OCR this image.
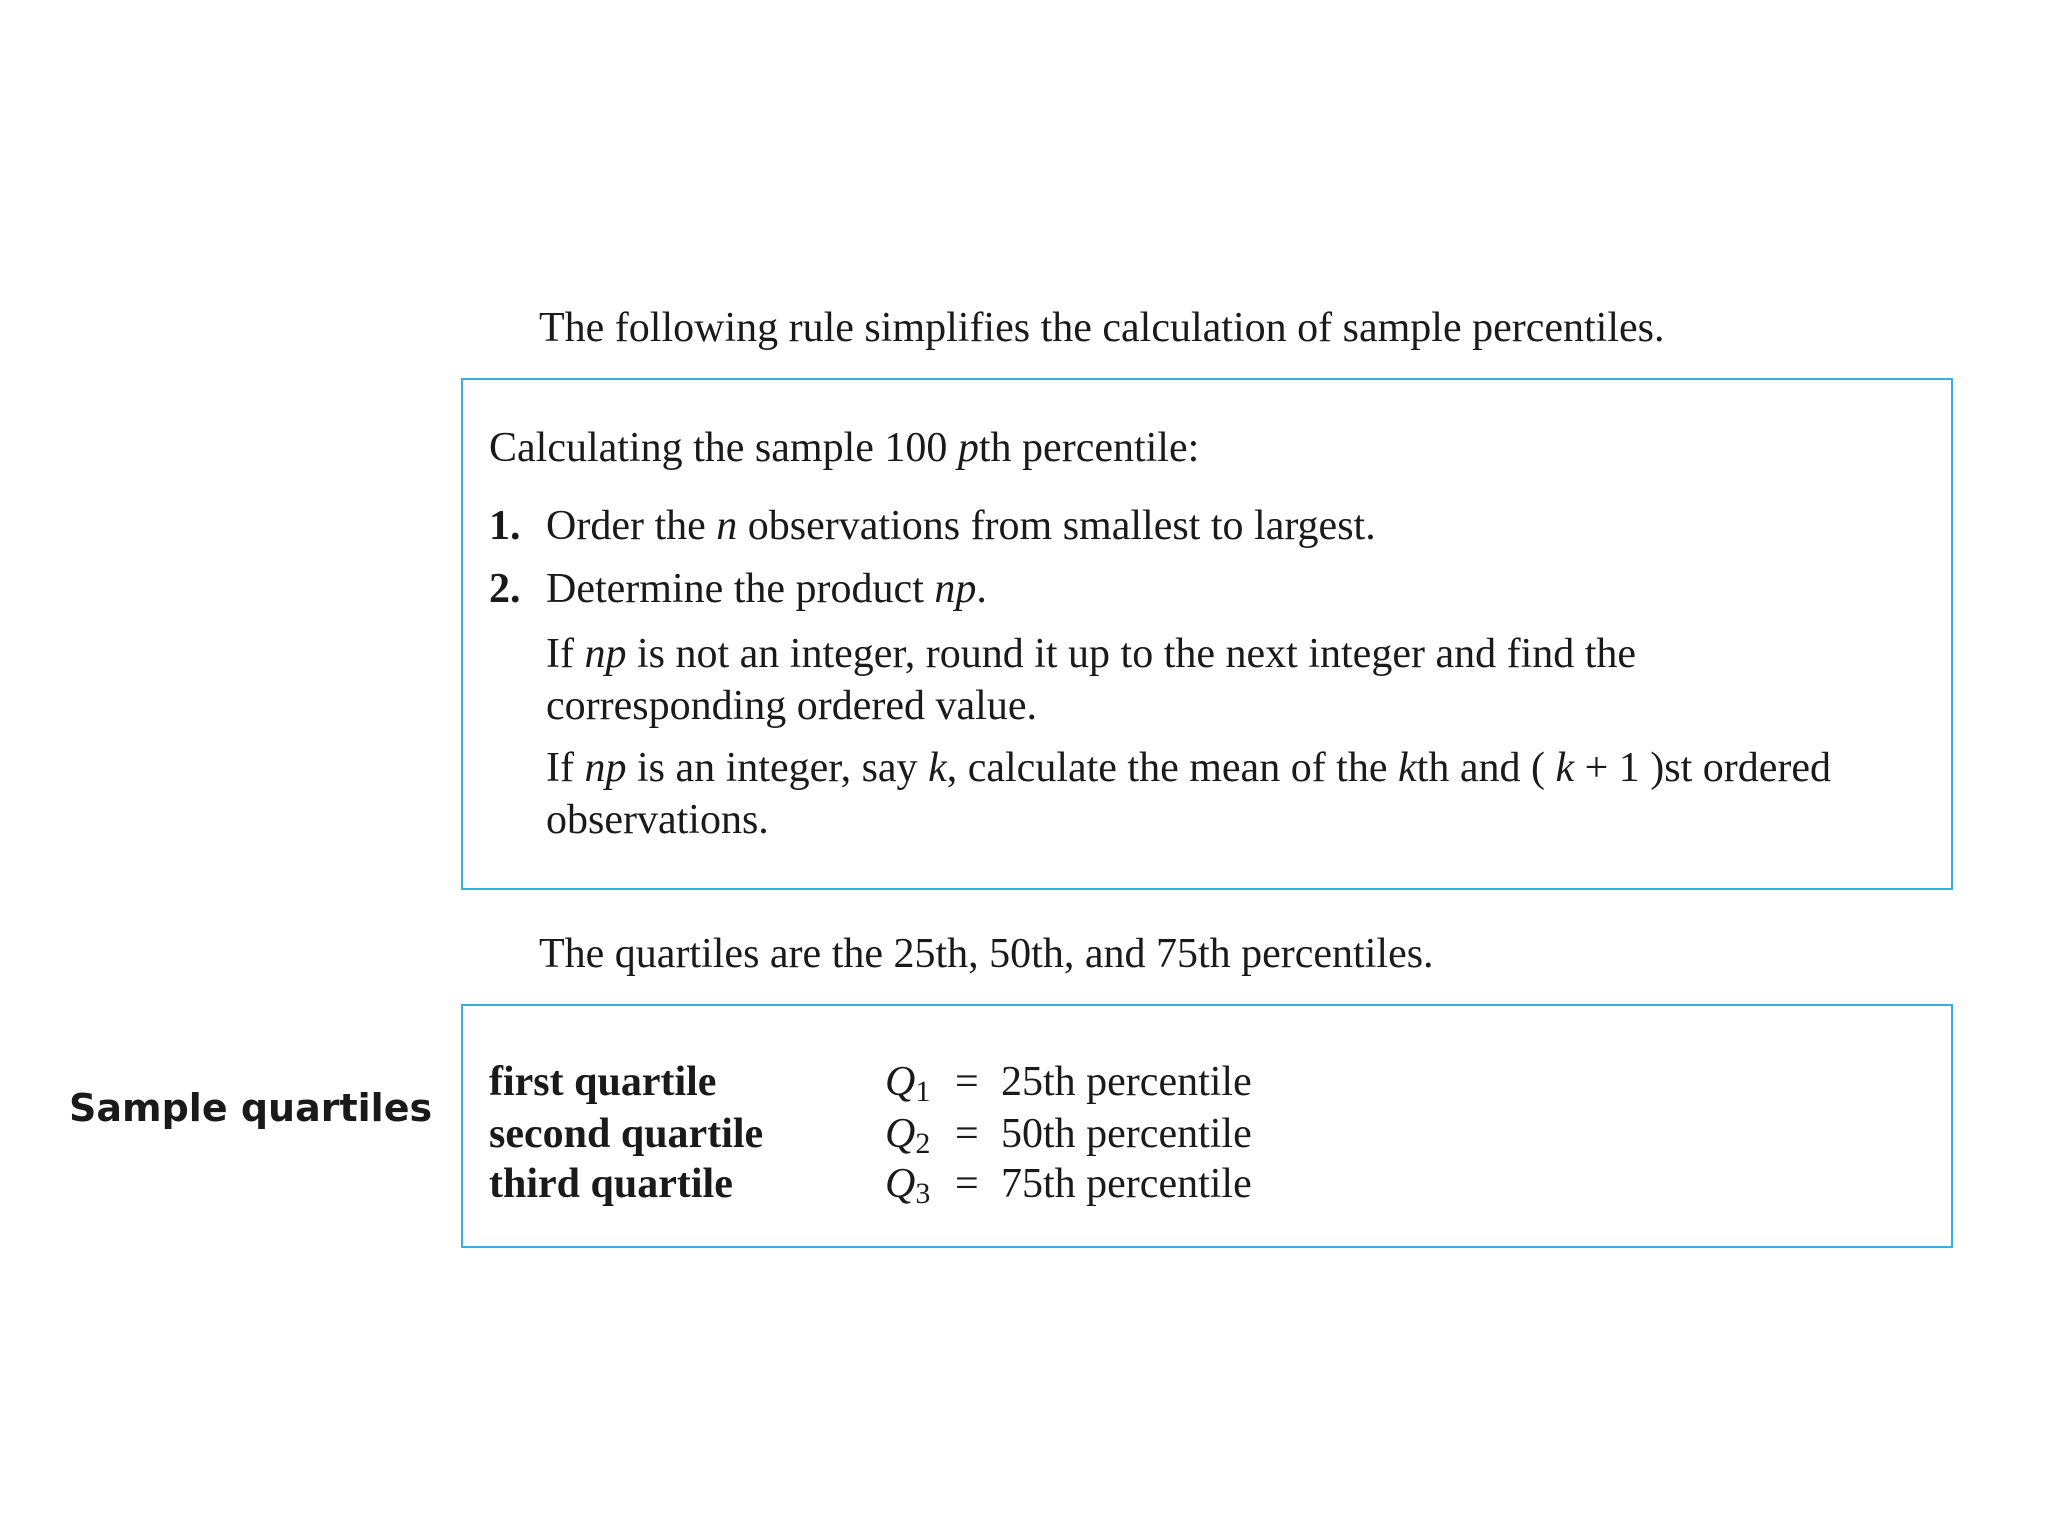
The following rule simplifies the calculation of sample percentiles.
Calculating the sample 100 pth percentile:
1. Order the n observations from smallest to largest.
2. Determine the product np.
If np is not an integer, round it up to the next integer and find the
corresponding ordered value.
If np is an integer, say k, calculate the mean of the kth and ( k + 1 )st ordered
observations.
The quartiles are the 25th, 50th, and 75th percentiles.
Sample quartiles
first quartile	$Q_1 = 25th$ percentile
second quartile	$Q_2 = 50th$ percentile
third quartile	$Q_3 = 75th$ percentile
